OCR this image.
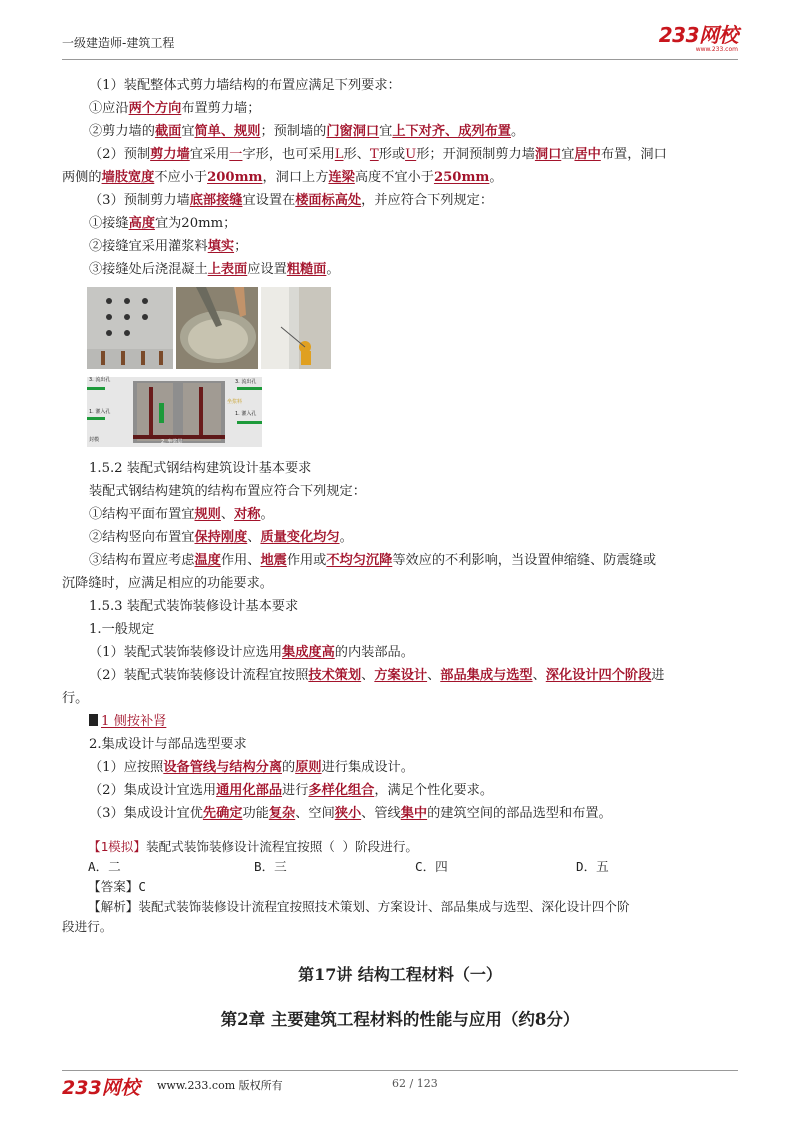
一级建造师-建筑工程	233网校
www.233.com
（1）装配整体式剪力墙结构的布置应满足下列要求：
①应沿两个方向布置剪力墙；
②剪力墙的截面宜简单、规则；预制墙的门窗洞口宜上下对齐、成列布置。
（2）预制剪力墙宜采用一字形，也可采用L形、T形或U形；开洞预制剪力墙洞口宜居中布置，洞口
两侧的墙肢宽度不应小于200mm，洞口上方连梁高度不宜小于250mm。
（3）预制剪力墙底部接缝宜设置在楼面标高处，并应符合下列规定：
①接缝高度宜为20mm；
②接缝宜采用灌浆料填实；
③接缝处后浇混凝土上表面应设置粗糙面。
3. 流出孔
1. 灌入孔
封模	2. 坐浆层
3. 流出孔
坐浆料
1. 灌入孔
1.5.2 装配式钢结构建筑设计基本要求
装配式钢结构建筑的结构布置应符合下列规定：
①结构平面布置宜规则、对称。
②结构竖向布置宜保持刚度、质量变化均匀。
③结构布置应考虑温度作用、地震作用或不均匀沉降等效应的不利影响，当设置伸缩缝、防震缝或
沉降缝时，应满足相应的功能要求。
1.5.3 装配式装饰装修设计基本要求
1.一般规定
（1）装配式装饰装修设计应选用集成度高的内装部品。
（2）装配式装饰装修设计流程宜按照技术策划、方案设计、部品集成与选型、深化设计四个阶段进
行。
1 侧按补肾
2.集成设计与部品选型要求
（1）应按照设备管线与结构分离的原则进行集成设计。
（2）集成设计宜选用通用化部品进行多样化组合，满足个性化要求。
（3）集成设计宜优先确定功能复杂、空间狭小、管线集中的建筑空间的部品选型和布置。
【1模拟】装配式装饰装修设计流程宜按照（ ）阶段进行。
A．二	B．三	C．四	D．五
【答案】C
【解析】装配式装饰装修设计流程宜按照技术策划、方案设计、部品集成与选型、深化设计四个阶
段进行。
第17讲 结构工程材料（一）
第2章 主要建筑工程材料的性能与应用（约8分）
233网校 www.233.com 版权所有	62 / 123
